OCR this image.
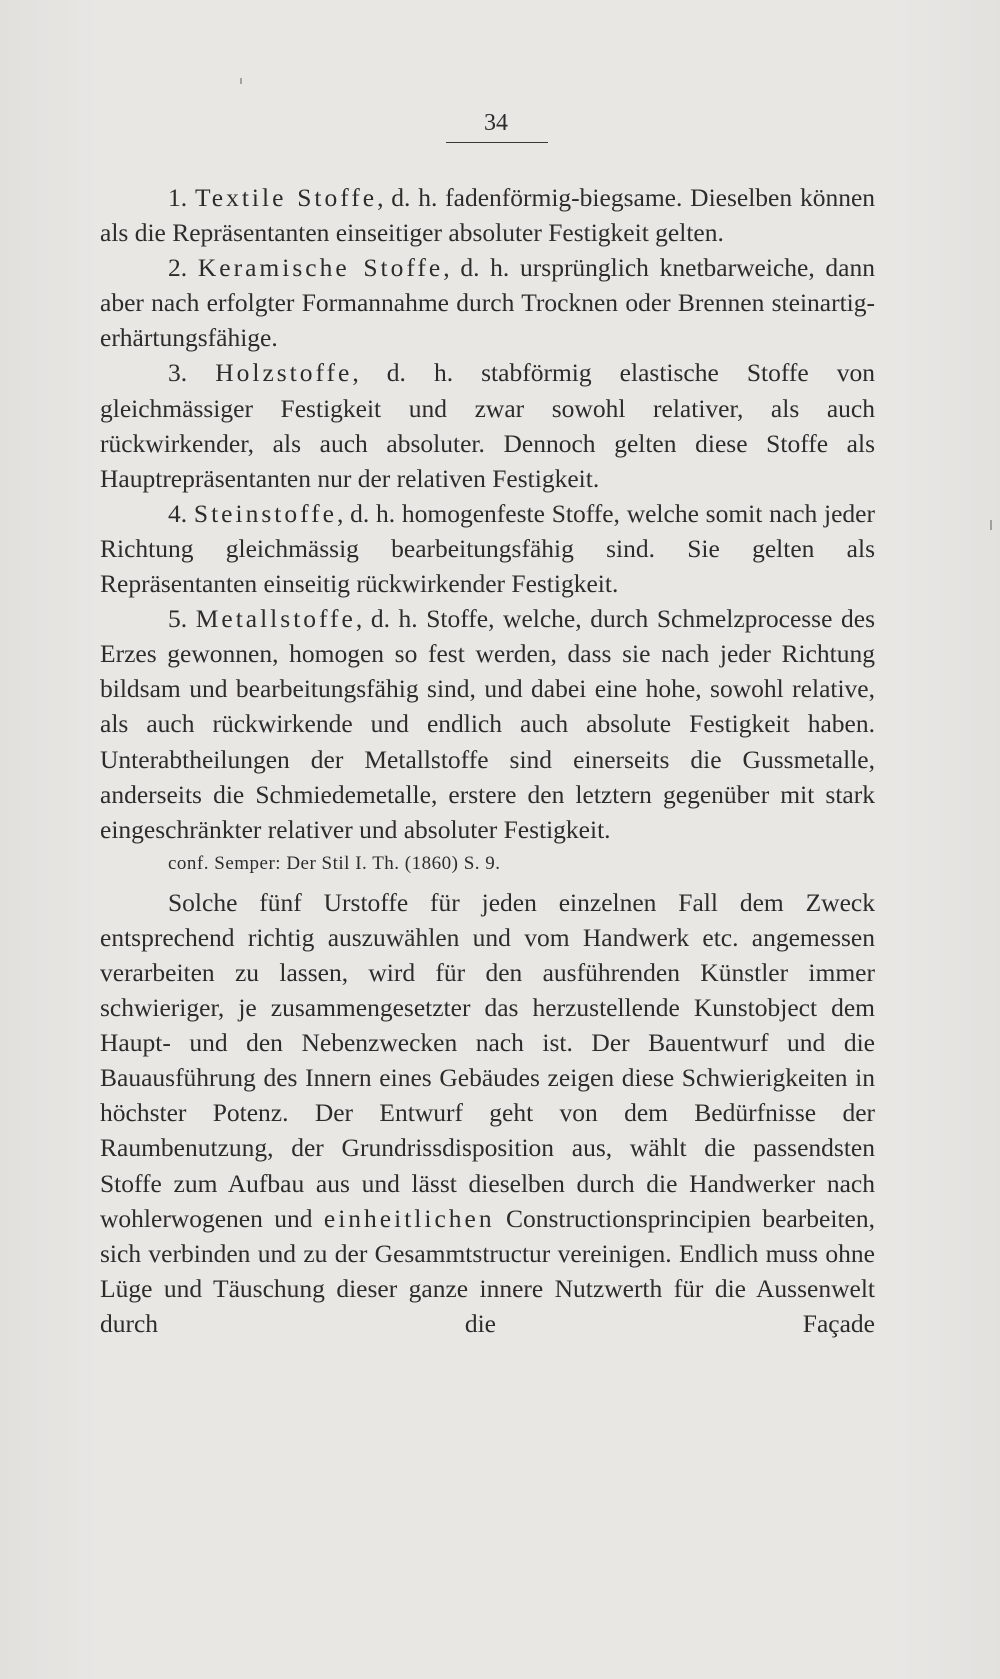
34

1. Textile Stoffe, d. h. fadenförmig-biegsame. Dieselben können als die Repräsentanten einseitiger absoluter Festigkeit gelten.

2. Keramische Stoffe, d. h. ursprünglich knetbarweiche, dann aber nach erfolgter Formannahme durch Trocknen oder Brennen steinartig-erhärtungsfähige.

3. Holzstoffe, d. h. stabförmig elastische Stoffe von gleichmässiger Festigkeit und zwar sowohl relativer, als auch rückwirkender, als auch absoluter. Dennoch gelten diese Stoffe als Hauptrepräsentanten nur der relativen Festigkeit.

4. Steinstoffe, d. h. homogenfeste Stoffe, welche somit nach jeder Richtung gleichmässig bearbeitungsfähig sind. Sie gelten als Repräsentanten einseitig rückwirkender Festigkeit.

5. Metallstoffe, d. h. Stoffe, welche, durch Schmelzprocesse des Erzes gewonnen, homogen so fest werden, dass sie nach jeder Richtung bildsam und bearbeitungsfähig sind, und dabei eine hohe, sowohl relative, als auch rückwirkende und endlich auch absolute Festigkeit haben. Unterabtheilungen der Metallstoffe sind einerseits die Gussmetalle, anderseits die Schmiedemetalle, erstere den letztern gegenüber mit stark eingeschränkter relativer und absoluter Festigkeit.

conf. Semper: Der Stil I. Th. (1860) S. 9.

Solche fünf Urstoffe für jeden einzelnen Fall dem Zweck entsprechend richtig auszuwählen und vom Handwerk etc. angemessen verarbeiten zu lassen, wird für den ausführenden Künstler immer schwieriger, je zusammengesetzter das herzustellende Kunstobject dem Haupt- und den Nebenzwecken nach ist. Der Bauentwurf und die Bauausführung des Innern eines Gebäudes zeigen diese Schwierigkeiten in höchster Potenz. Der Entwurf geht von dem Bedürfnisse der Raumbenutzung, der Grundrissdisposition aus, wählt die passendsten Stoffe zum Aufbau aus und lässt dieselben durch die Handwerker nach wohlerwogenen und einheitlichen Constructionsprincipien bearbeiten, sich verbinden und zu der Gesammtstructur vereinigen. Endlich muss ohne Lüge und Täuschung dieser ganze innere Nutzwerth für die Aussenwelt durch die Façade
